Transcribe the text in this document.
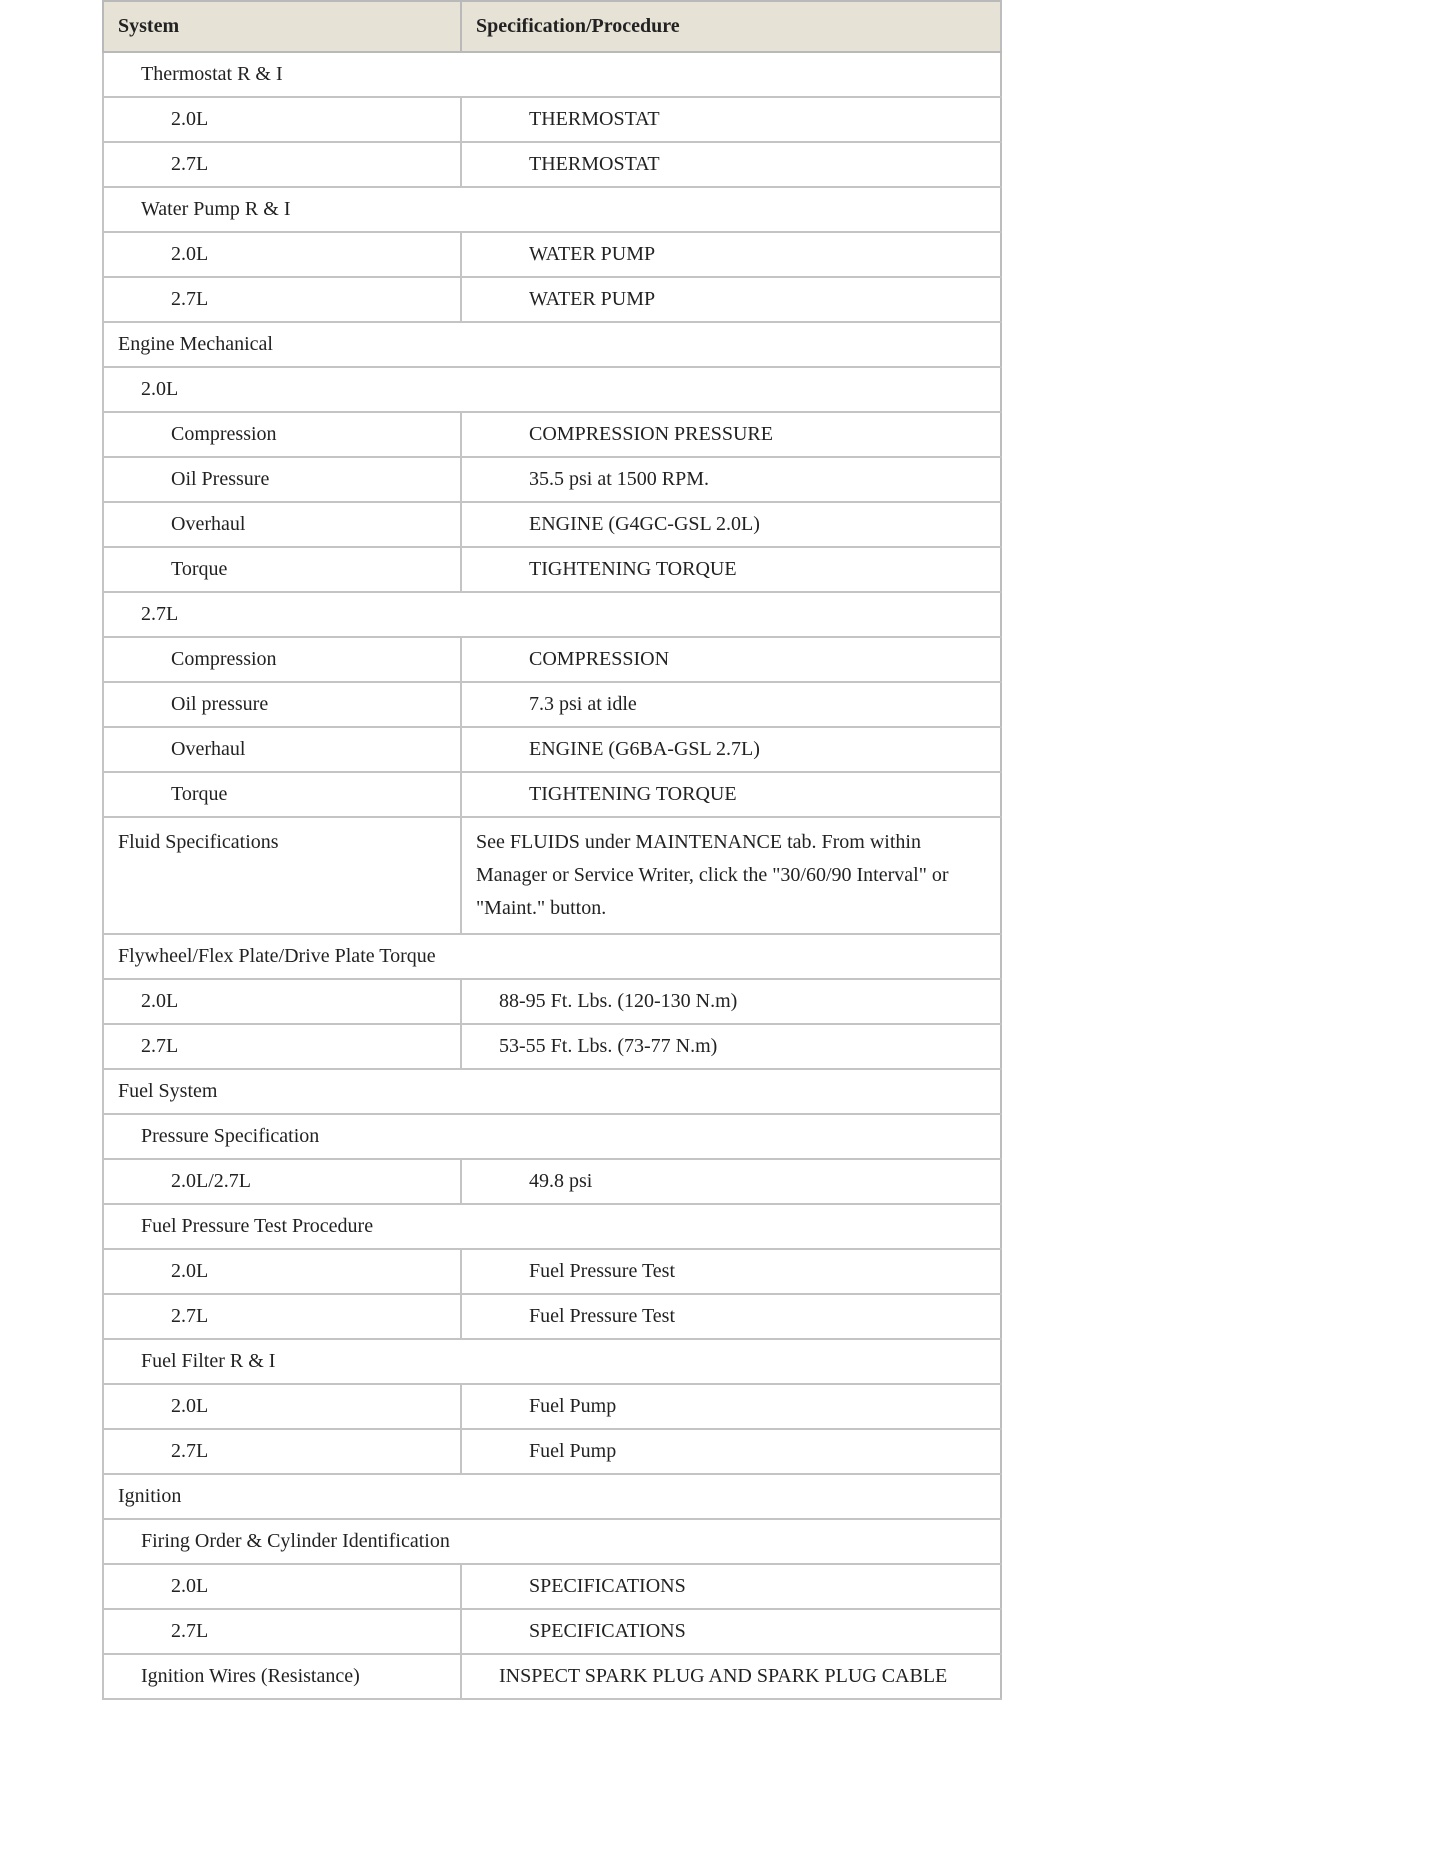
System	Specification/Procedure
Thermostat R & I	
2.0L	THERMOSTAT
2.7L	THERMOSTAT
Water Pump R & I	
2.0L	WATER PUMP
2.7L	WATER PUMP
Engine Mechanical	
2.0L	
Compression	COMPRESSION PRESSURE
Oil Pressure	35.5 psi at 1500 RPM.
Overhaul	ENGINE (G4GC-GSL 2.0L)
Torque	TIGHTENING TORQUE
2.7L	
Compression	COMPRESSION
Oil pressure	7.3 psi at idle
Overhaul	ENGINE (G6BA-GSL 2.7L)
Torque	TIGHTENING TORQUE
Fluid Specifications	See FLUIDS under MAINTENANCE tab. From within Manager or Service Writer, click the "30/60/90 Interval" or "Maint." button.
Flywheel/Flex Plate/Drive Plate Torque	
2.0L	88-95 Ft. Lbs. (120-130 N.m)
2.7L	53-55 Ft. Lbs. (73-77 N.m)
Fuel System	
Pressure Specification	
2.0L/2.7L	49.8 psi
Fuel Pressure Test Procedure	
2.0L	Fuel Pressure Test
2.7L	Fuel Pressure Test
Fuel Filter R & I	
2.0L	Fuel Pump
2.7L	Fuel Pump
Ignition	
Firing Order & Cylinder Identification	
2.0L	SPECIFICATIONS
2.7L	SPECIFICATIONS
Ignition Wires (Resistance)	INSPECT SPARK PLUG AND SPARK PLUG CABLE
